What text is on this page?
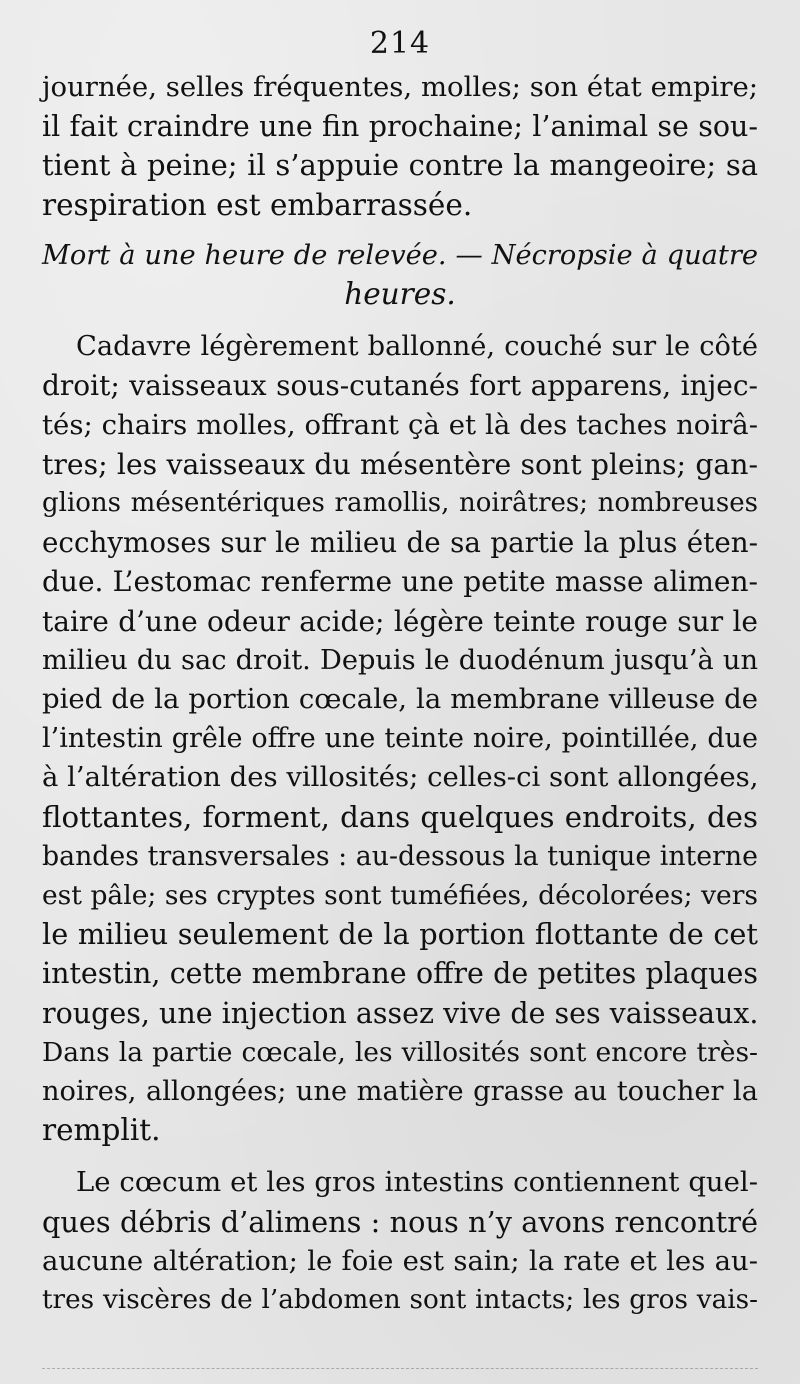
214
journée, selles fréquentes, molles; son état empire;
il fait craindre une fin prochaine; l’animal se sou-
tient à peine; il s’appuie contre la mangeoire; sa
respiration est embarrassée.
Mort à une heure de relevée. — Nécropsie à quatre
heures.
Cadavre légèrement ballonné, couché sur le côté
droit; vaisseaux sous-cutanés fort apparens, injec-
tés; chairs molles, offrant çà et là des taches noirâ-
tres; les vaisseaux du mésentère sont pleins; gan-
glions mésentériques ramollis, noirâtres; nombreuses
ecchymoses sur le milieu de sa partie la plus éten-
due. L’estomac renferme une petite masse alimen-
taire d’une odeur acide; légère teinte rouge sur le
milieu du sac droit. Depuis le duodénum jusqu’à un
pied de la portion cœcale, la membrane villeuse de
l’intestin grêle offre une teinte noire, pointillée, due
à l’altération des villosités; celles-ci sont allongées,
flottantes, forment, dans quelques endroits, des
bandes transversales : au-dessous la tunique interne
est pâle; ses cryptes sont tuméfiées, décolorées; vers
le milieu seulement de la portion flottante de cet
intestin, cette membrane offre de petites plaques
rouges, une injection assez vive de ses vaisseaux.
Dans la partie cœcale, les villosités sont encore très-
noires, allongées; une matière grasse au toucher la
remplit.
Le cœcum et les gros intestins contiennent quel-
ques débris d’alimens : nous n’y avons rencontré
aucune altération; le foie est sain; la rate et les au-
tres viscères de l’abdomen sont intacts; les gros vais-
